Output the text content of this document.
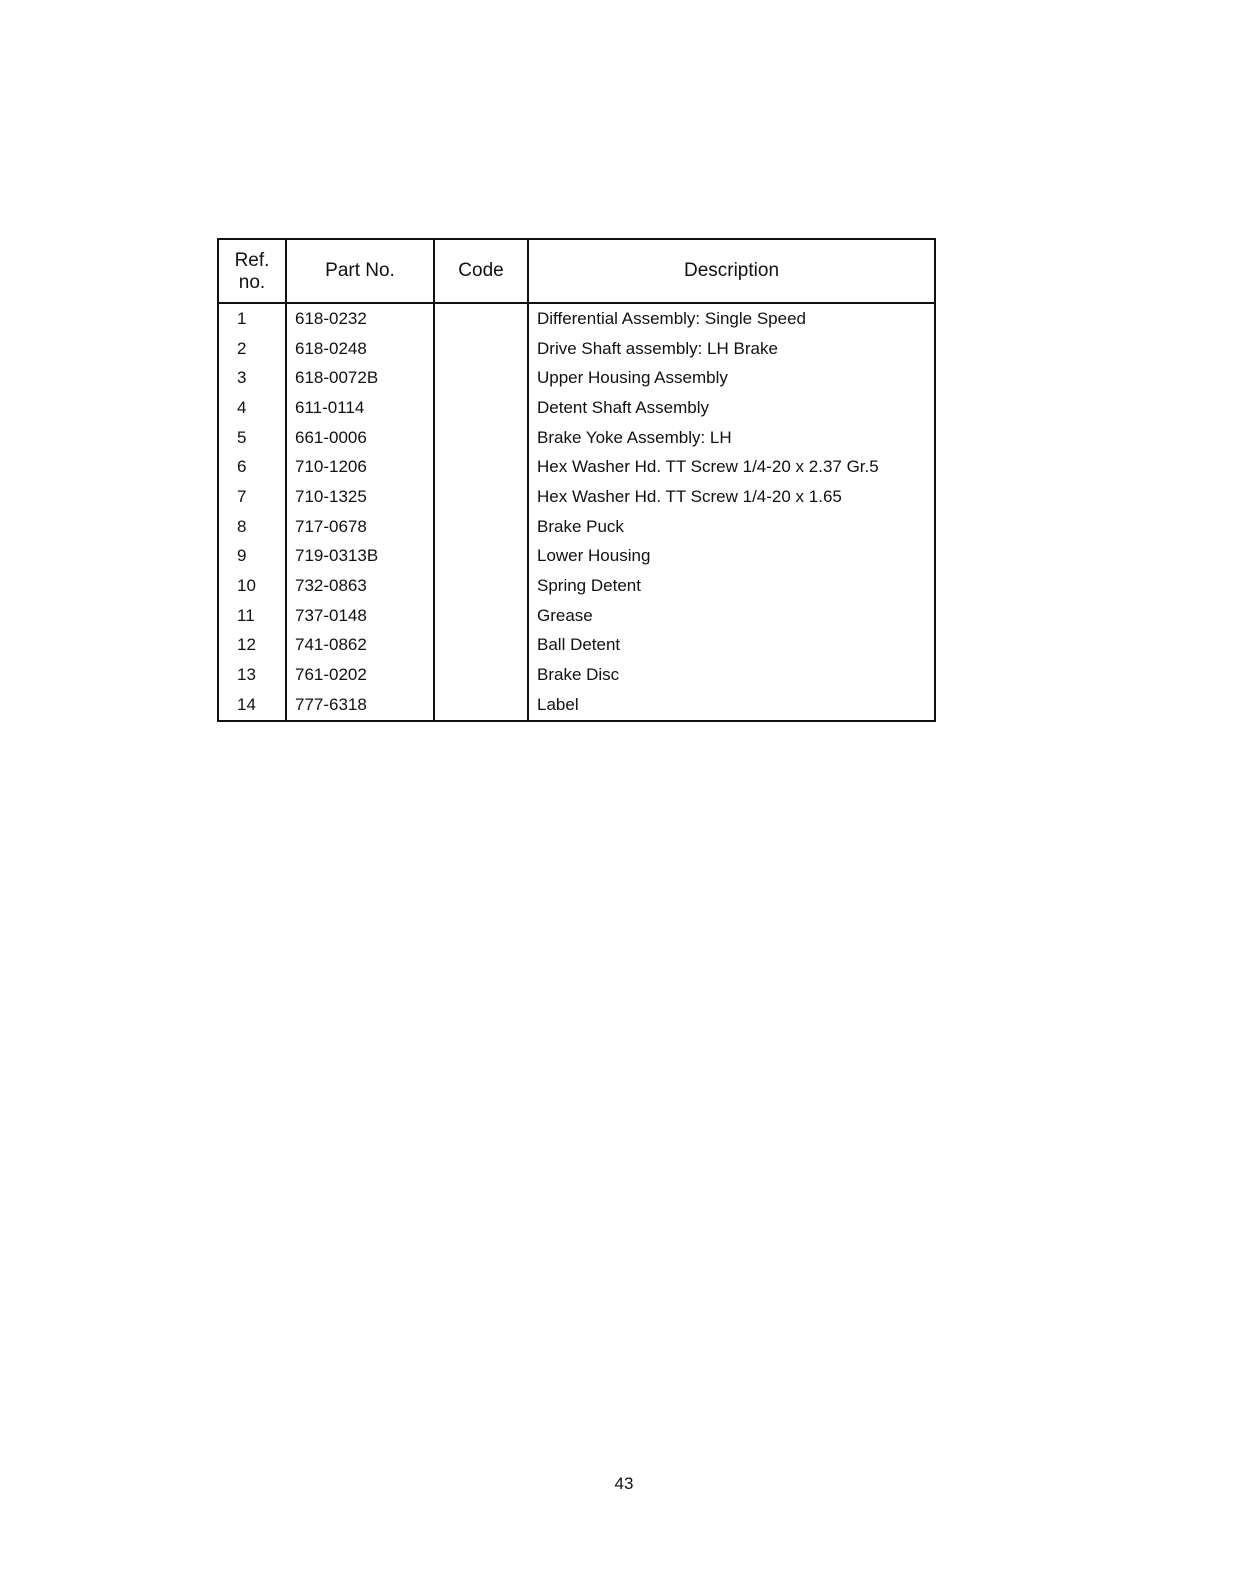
Ref.
no.	Part No.	Code	Description
1	618-0232		Differential Assembly: Single Speed
2	618-0248		Drive Shaft assembly: LH Brake
3	618-0072B		Upper Housing Assembly
4	611-0114		Detent Shaft Assembly
5	661-0006		Brake Yoke Assembly: LH
6	710-1206		Hex Washer Hd. TT Screw 1/4-20 x 2.37 Gr.5
7	710-1325		Hex Washer Hd. TT Screw 1/4-20 x 1.65
8	717-0678		Brake Puck
9	719-0313B		Lower Housing
10	732-0863		Spring Detent
11	737-0148		Grease
12	741-0862		Ball Detent
13	761-0202		Brake Disc
14	777-6318		Label
43
